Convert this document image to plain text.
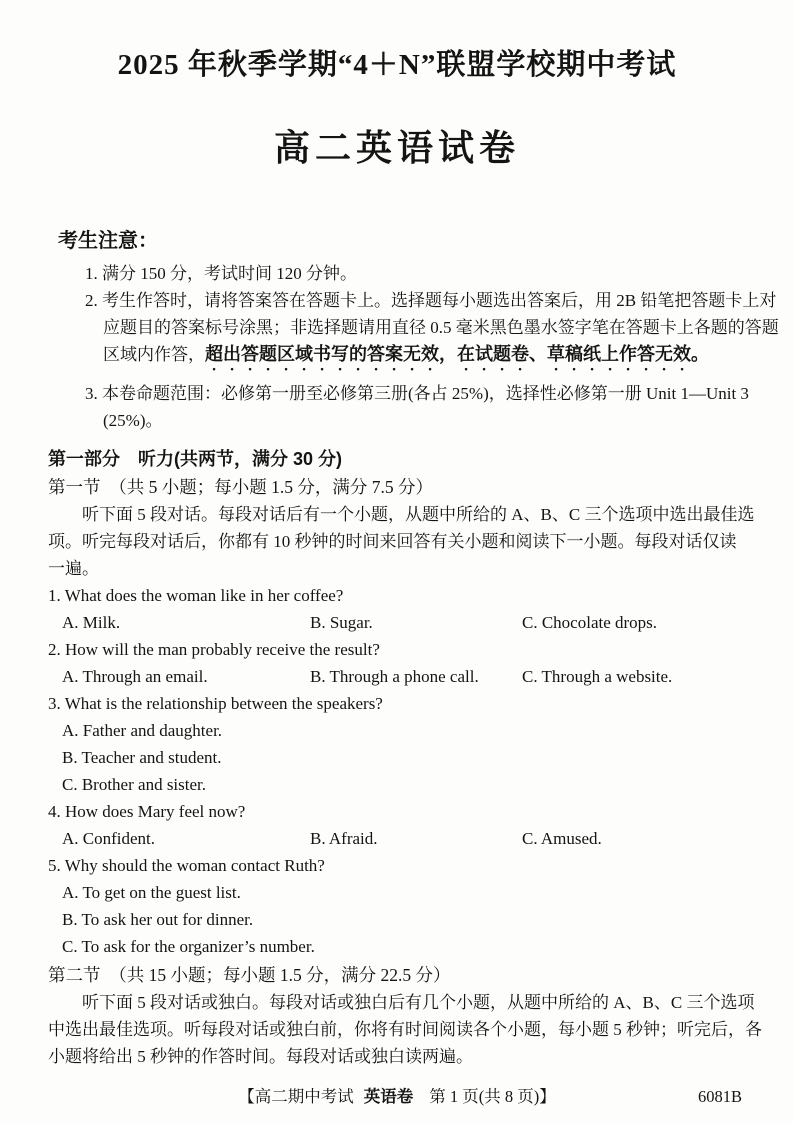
2025 年秋季学期“4＋N”联盟学校期中考试
高二英语试卷
考生注意：
1. 满分 150 分，考试时间 120 分钟。
2. 考生作答时，请将答案答在答题卡上。选择题每小题选出答案后，用 2B 铅笔把答题卡上对
应题目的答案标号涂黑；非选择题请用直径 0.5 毫米黑色墨水签字笔在答题卡上各题的答题
区域内作答，超出答题区域书写的答案无效，在试题卷、草稿纸上作答无效。
3. 本卷命题范围：必修第一册至必修第三册(各占 25%)，选择性必修第一册 Unit 1—Unit 3
(25%)。
第一部分　听力(共两节，满分 30 分)
第一节　（共 5 小题；每小题 1.5 分，满分 7.5 分）
听下面 5 段对话。每段对话后有一个小题，从题中所给的 A、B、C 三个选项中选出最佳选
项。听完每段对话后，你都有 10 秒钟的时间来回答有关小题和阅读下一小题。每段对话仅读
一遍。
1. What does the woman like in her coffee?
A. Milk.	B. Sugar.	C. Chocolate drops.
2. How will the man probably receive the result?
A. Through an email.	B. Through a phone call.	C. Through a website.
3. What is the relationship between the speakers?
A. Father and daughter.
B. Teacher and student.
C. Brother and sister.
4. How does Mary feel now?
A. Confident.	B. Afraid.	C. Amused.
5. Why should the woman contact Ruth?
A. To get on the guest list.
B. To ask her out for dinner.
C. To ask for the organizer’s number.
第二节　（共 15 小题；每小题 1.5 分，满分 22.5 分）
听下面 5 段对话或独白。每段对话或独白后有几个小题，从题中所给的 A、B、C 三个选项
中选出最佳选项。听每段对话或独白前，你将有时间阅读各个小题，每小题 5 秒钟；听完后，各
小题将给出 5 秒钟的作答时间。每段对话或独白读两遍。
【高二期中考试 英语卷 第 1 页(共 8 页)】	6081B
